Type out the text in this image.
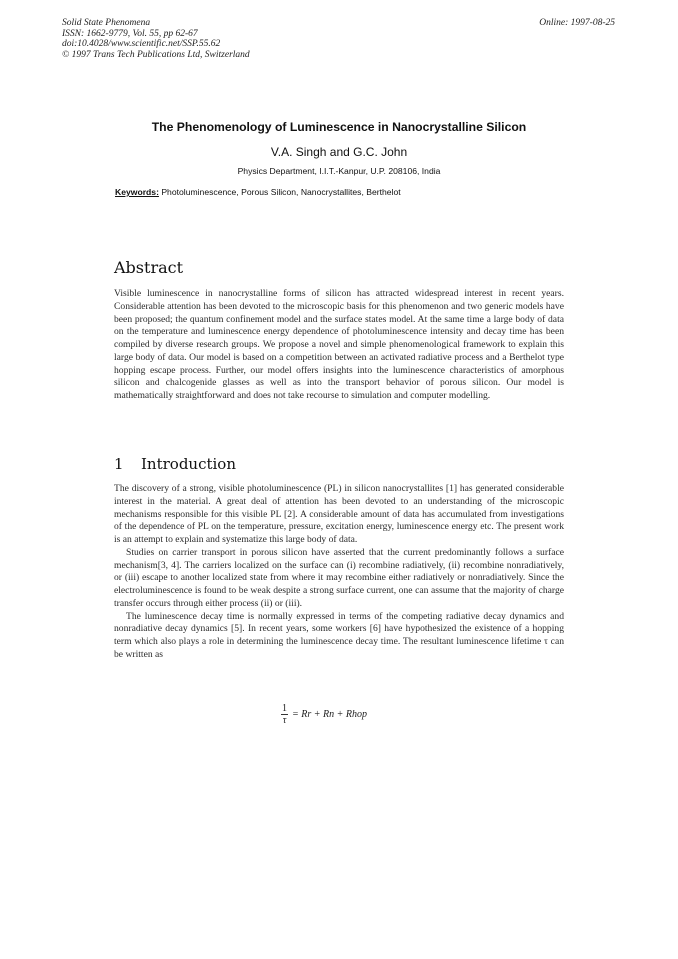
Solid State Phenomena
ISSN: 1662-9779, Vol. 55, pp 62-67
doi:10.4028/www.scientific.net/SSP.55.62
© 1997 Trans Tech Publications Ltd, Switzerland
Online: 1997-08-25
The Phenomenology of Luminescence in Nanocrystalline Silicon
V.A. Singh and G.C. John
Physics Department, I.I.T.-Kanpur, U.P. 208106, India
Keywords: Photoluminescence, Porous Silicon, Nanocrystallites, Berthelot
Abstract

Visible luminescence in nanocrystalline forms of silicon has attracted widespread interest in recent years. Considerable attention has been devoted to the microscopic basis for this phenomenon and two generic models have been proposed; the quantum confinement model and the surface states model. At the same time a large body of data on the temperature and luminescence energy dependence of photoluminescence intensity and decay time has been compiled by diverse research groups. We propose a novel and simple phenomenological framework to explain this large body of data. Our model is based on a competition between an activated radiative process and a Berthelot type hopping escape process. Further, our model offers insights into the luminescence characteristics of amorphous silicon and chalcogenide glasses as well as into the transport behavior of porous silicon. Our model is mathematically straightforward and does not take recourse to simulation and computer modelling.

1 Introduction

The discovery of a strong, visible photoluminescence (PL) in silicon nanocrystallites [1] has generated considerable interest in the material. A great deal of attention has been devoted to an understanding of the microscopic mechanisms responsible for this visible PL [2]. A considerable amount of data has accumulated from investigations of the dependence of PL on the temperature, pressure, excitation energy, luminescence energy etc. The present work is an attempt to explain and systematize this large body of data.

Studies on carrier transport in porous silicon have asserted that the current predominantly follows a surface mechanism[3, 4]. The carriers localized on the surface can (i) recombine radiatively, (ii) recombine nonradiatively, or (iii) escape to another localized state from where it may recombine either radiatively or nonradiatively. Since the electroluminescence is found to be weak despite a strong surface current, one can assume that the majority of charge transfer occurs through either process (ii) or (iii).

The luminescence decay time is normally expressed in terms of the competing radiative decay dynamics and nonradiative decay dynamics [5]. In recent years, some workers [6] have hypothesized the existence of a hopping term which also plays a role in determining the luminescence decay time. The resultant luminescence lifetime τ can be written as

$\frac{1}{\tau} = Rr + Rn$ + Rhop
